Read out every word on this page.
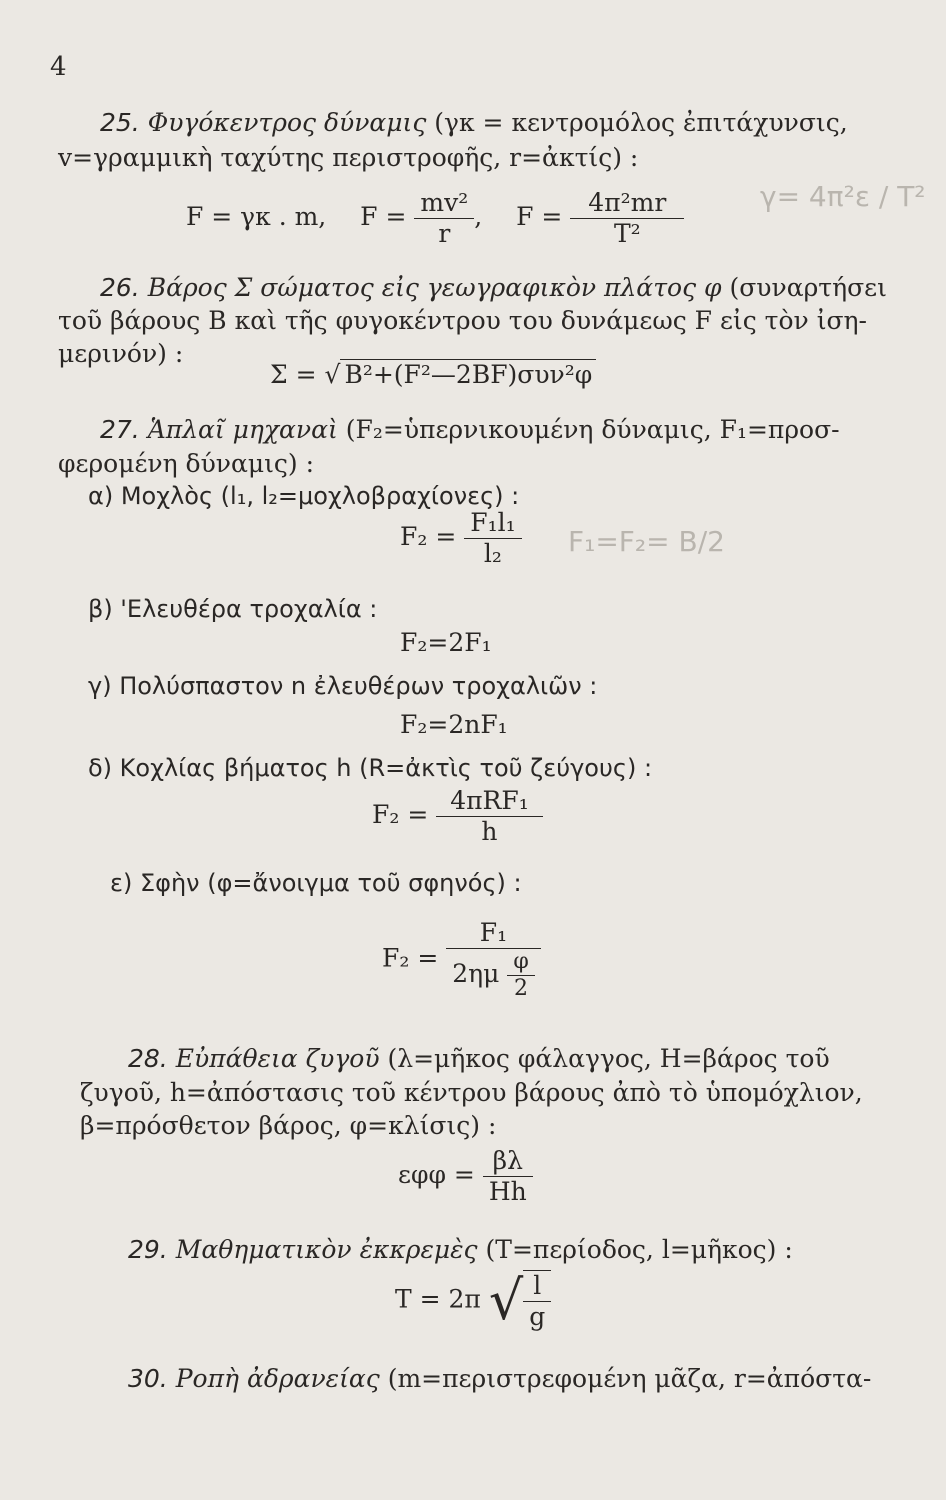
4
25. Φυγόκεντρος δύναμις (γκ = κεντρομόλος ἐπιτάχυνσις,
v=γραμμικὴ ταχύτης περιστροφῆς, r=ἀκτίς) :
F = γκ . m, $F = \frac{\text{mv²}}{r}$ , $F = \frac{\text{4π²mr}}{\text{T²}}$	γ= 4π²ε / T²
26. Βάρος Σ σώματος εἰς γεωγραφικὸν πλάτος φ (συναρτήσει
τοῦ βάρους Β καὶ τῆς φυγοκέντρου του δυνάμεως F εἰς τὸν ἰση-
μερινόν) :
Σ = √ B²+(F²—2BF)συν²φ
27. Ἁπλαῖ μηχαναὶ (F₂=ὑπερνικουμένη δύναμις, F₁=προσ-
φερομένη δύναμις) :
α) Μοχλὸς (l₁, l₂=μοχλοβραχίονες) :
$F_2 = \frac{\text{F₁l₁}}{\text{l₂}} F_1=F_2= B/2$
β) 'Ελευθέρα τροχαλία :
F₂=2F₁
γ) Πολύσπαστον n ἐλευθέρων τροχαλιῶν :
F₂=2nF₁
δ) Κοχλίας βήματος h (R=ἀκτὶς τοῦ ζεύγους) :
$F_2 = \frac{\text{4πRF₁}}{h}$
ε) Σφὴν (φ=ἄνοιγμα τοῦ σφηνός) :
$F_2 = \frac{\text{F₁}}{2\eta\mu \frac{\varphi}{2}}$
28. Εὐπάθεια ζυγοῦ (λ=μῆκος φάλαγγος, Η=βάρος τοῦ
ζυγοῦ, h=ἀπόστασις τοῦ κέντρου βάρους ἀπὸ τὸ ὑπομόχλιον,
β=πρόσθετον βάρος, φ=κλίσις) :
$\varepsilon\varphi\varphi = \frac{\beta\lambda}{Hh}$
29. Μαθηματικὸν ἐκκρεμὲς (T=περίοδος, l=μῆκος) :
T = 2π √ $\frac{l}{g}$
30. Ροπὴ ἀδρανείας (m=περιστρεφομένη μᾶζα, r=ἀπόστα-
